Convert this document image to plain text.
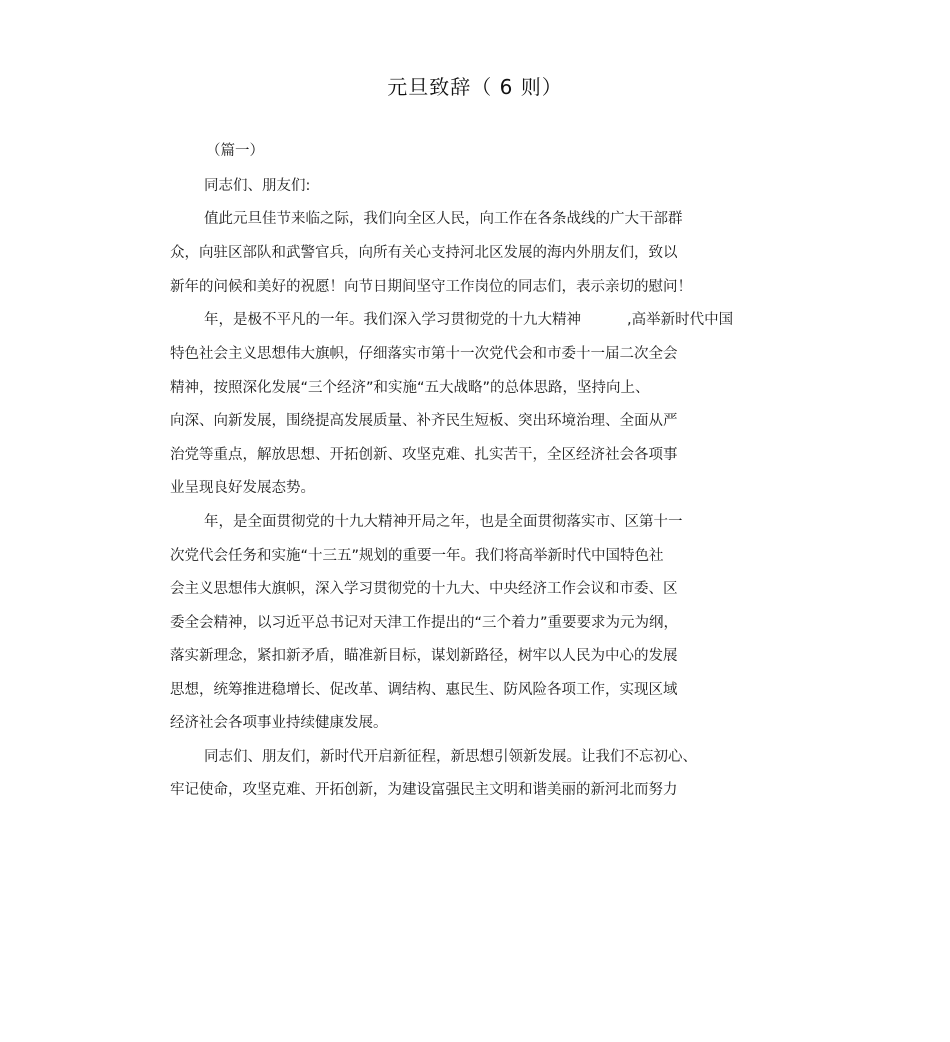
元旦致辞（ 6 则）
（篇一）
同志们、朋友们:
值此元旦佳节来临之际，我们向全区人民，向工作在各条战线的广大干部群
众，向驻区部队和武警官兵，向所有关心支持河北区发展的海内外朋友们，致以
新年的问候和美好的祝愿！向节日期间坚守工作岗位的同志们，表示亲切的慰问！
年，是极不平凡的一年。我们深入学习贯彻党的十九大精神	,高举新时代中国
特色社会主义思想伟大旗帜，仔细落实市第十一次党代会和市委十一届二次全会
精神，按照深化发展“三个经济”和实施“五大战略”的总体思路，坚持向上、
向深、向新发展，围绕提高发展质量、补齐民生短板、突出环境治理、全面从严
治党等重点，解放思想、开拓创新、攻坚克难、扎实苦干，全区经济社会各项事
业呈现良好发展态势。
年，是全面贯彻党的十九大精神开局之年，也是全面贯彻落实市、区第十一
次党代会任务和实施“十三五”规划的重要一年。我们将高举新时代中国特色社
会主义思想伟大旗帜，深入学习贯彻党的十九大、中央经济工作会议和市委、区
委全会精神，以习近平总书记对天津工作提出的“三个着力”重要要求为元为纲，
落实新理念，紧扣新矛盾，瞄准新目标，谋划新路径，树牢以人民为中心的发展
思想，统筹推进稳增长、促改革、调结构、惠民生、防风险各项工作，实现区域
经济社会各项事业持续健康发展。
同志们、朋友们，新时代开启新征程，新思想引领新发展。让我们不忘初心、
牢记使命，攻坚克难、开拓创新，为建设富强民主文明和谐美丽的新河北而努力
